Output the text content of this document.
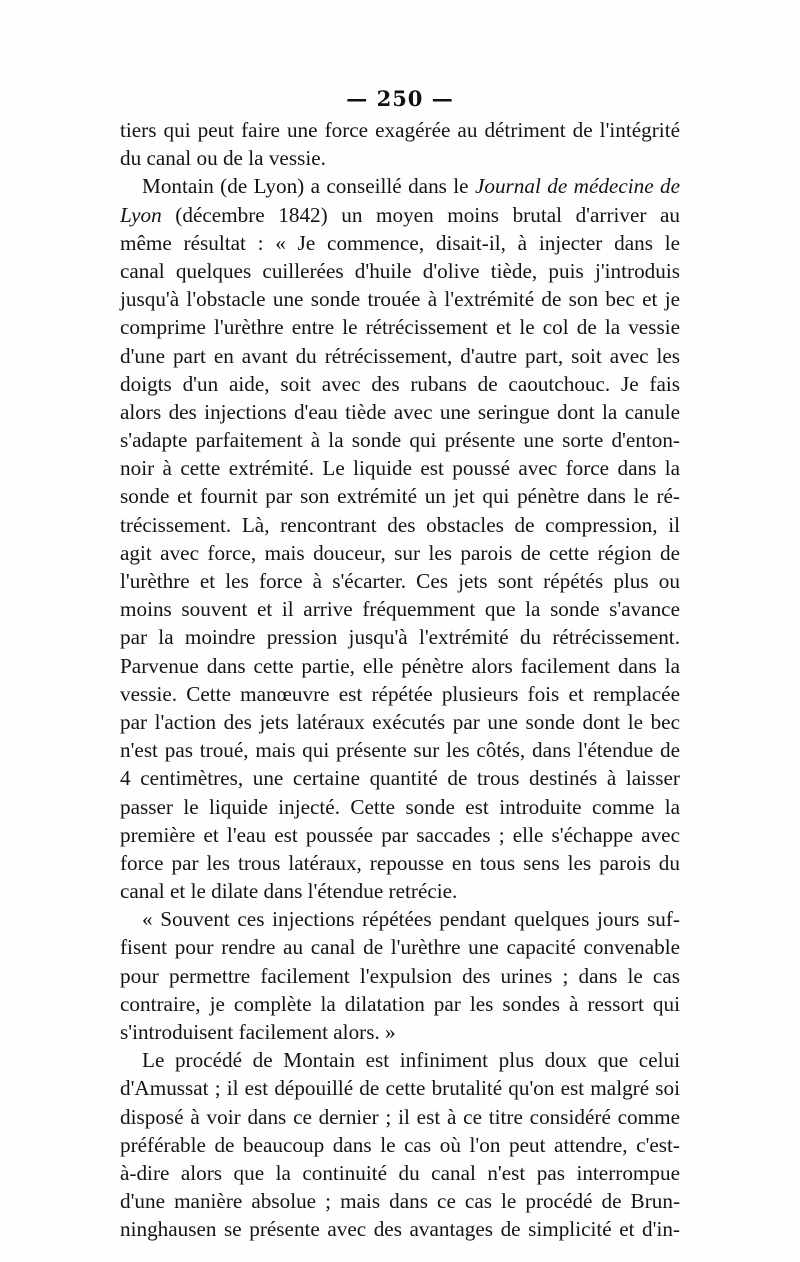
— 250 —
tiers qui peut faire une force exagérée au détriment de l'intégrité
du canal ou de la vessie.
Montain (de Lyon) a conseillé dans le Journal de médecine de
Lyon (décembre 1842) un moyen moins brutal d'arriver au
même résultat : « Je commence, disait-il, à injecter dans le
canal quelques cuillerées d'huile d'olive tiède, puis j'introduis
jusqu'à l'obstacle une sonde trouée à l'extrémité de son bec et je
comprime l'urèthre entre le rétrécissement et le col de la vessie
d'une part en avant du rétrécissement, d'autre part, soit avec les
doigts d'un aide, soit avec des rubans de caoutchouc. Je fais
alors des injections d'eau tiède avec une seringue dont la canule
s'adapte parfaitement à la sonde qui présente une sorte d'enton-
noir à cette extrémité. Le liquide est poussé avec force dans la
sonde et fournit par son extrémité un jet qui pénètre dans le ré-
trécissement. Là, rencontrant des obstacles de compression, il
agit avec force, mais douceur, sur les parois de cette région de
l'urèthre et les force à s'écarter. Ces jets sont répétés plus ou
moins souvent et il arrive fréquemment que la sonde s'avance
par la moindre pression jusqu'à l'extrémité du rétrécissement.
Parvenue dans cette partie, elle pénètre alors facilement dans la
vessie. Cette manœuvre est répétée plusieurs fois et remplacée
par l'action des jets latéraux exécutés par une sonde dont le bec
n'est pas troué, mais qui présente sur les côtés, dans l'étendue de
4 centimètres, une certaine quantité de trous destinés à laisser
passer le liquide injecté. Cette sonde est introduite comme la
première et l'eau est poussée par saccades ; elle s'échappe avec
force par les trous latéraux, repousse en tous sens les parois du
canal et le dilate dans l'étendue retrécie.
« Souvent ces injections répétées pendant quelques jours suf-
fisent pour rendre au canal de l'urèthre une capacité convenable
pour permettre facilement l'expulsion des urines ; dans le cas
contraire, je complète la dilatation par les sondes à ressort qui
s'introduisent facilement alors. »
Le procédé de Montain est infiniment plus doux que celui
d'Amussat ; il est dépouillé de cette brutalité qu'on est malgré soi
disposé à voir dans ce dernier ; il est à ce titre considéré comme
préférable de beaucoup dans le cas où l'on peut attendre, c'est-
à-dire alors que la continuité du canal n'est pas interrompue
d'une manière absolue ; mais dans ce cas le procédé de Brun-
ninghausen se présente avec des avantages de simplicité et d'in-
